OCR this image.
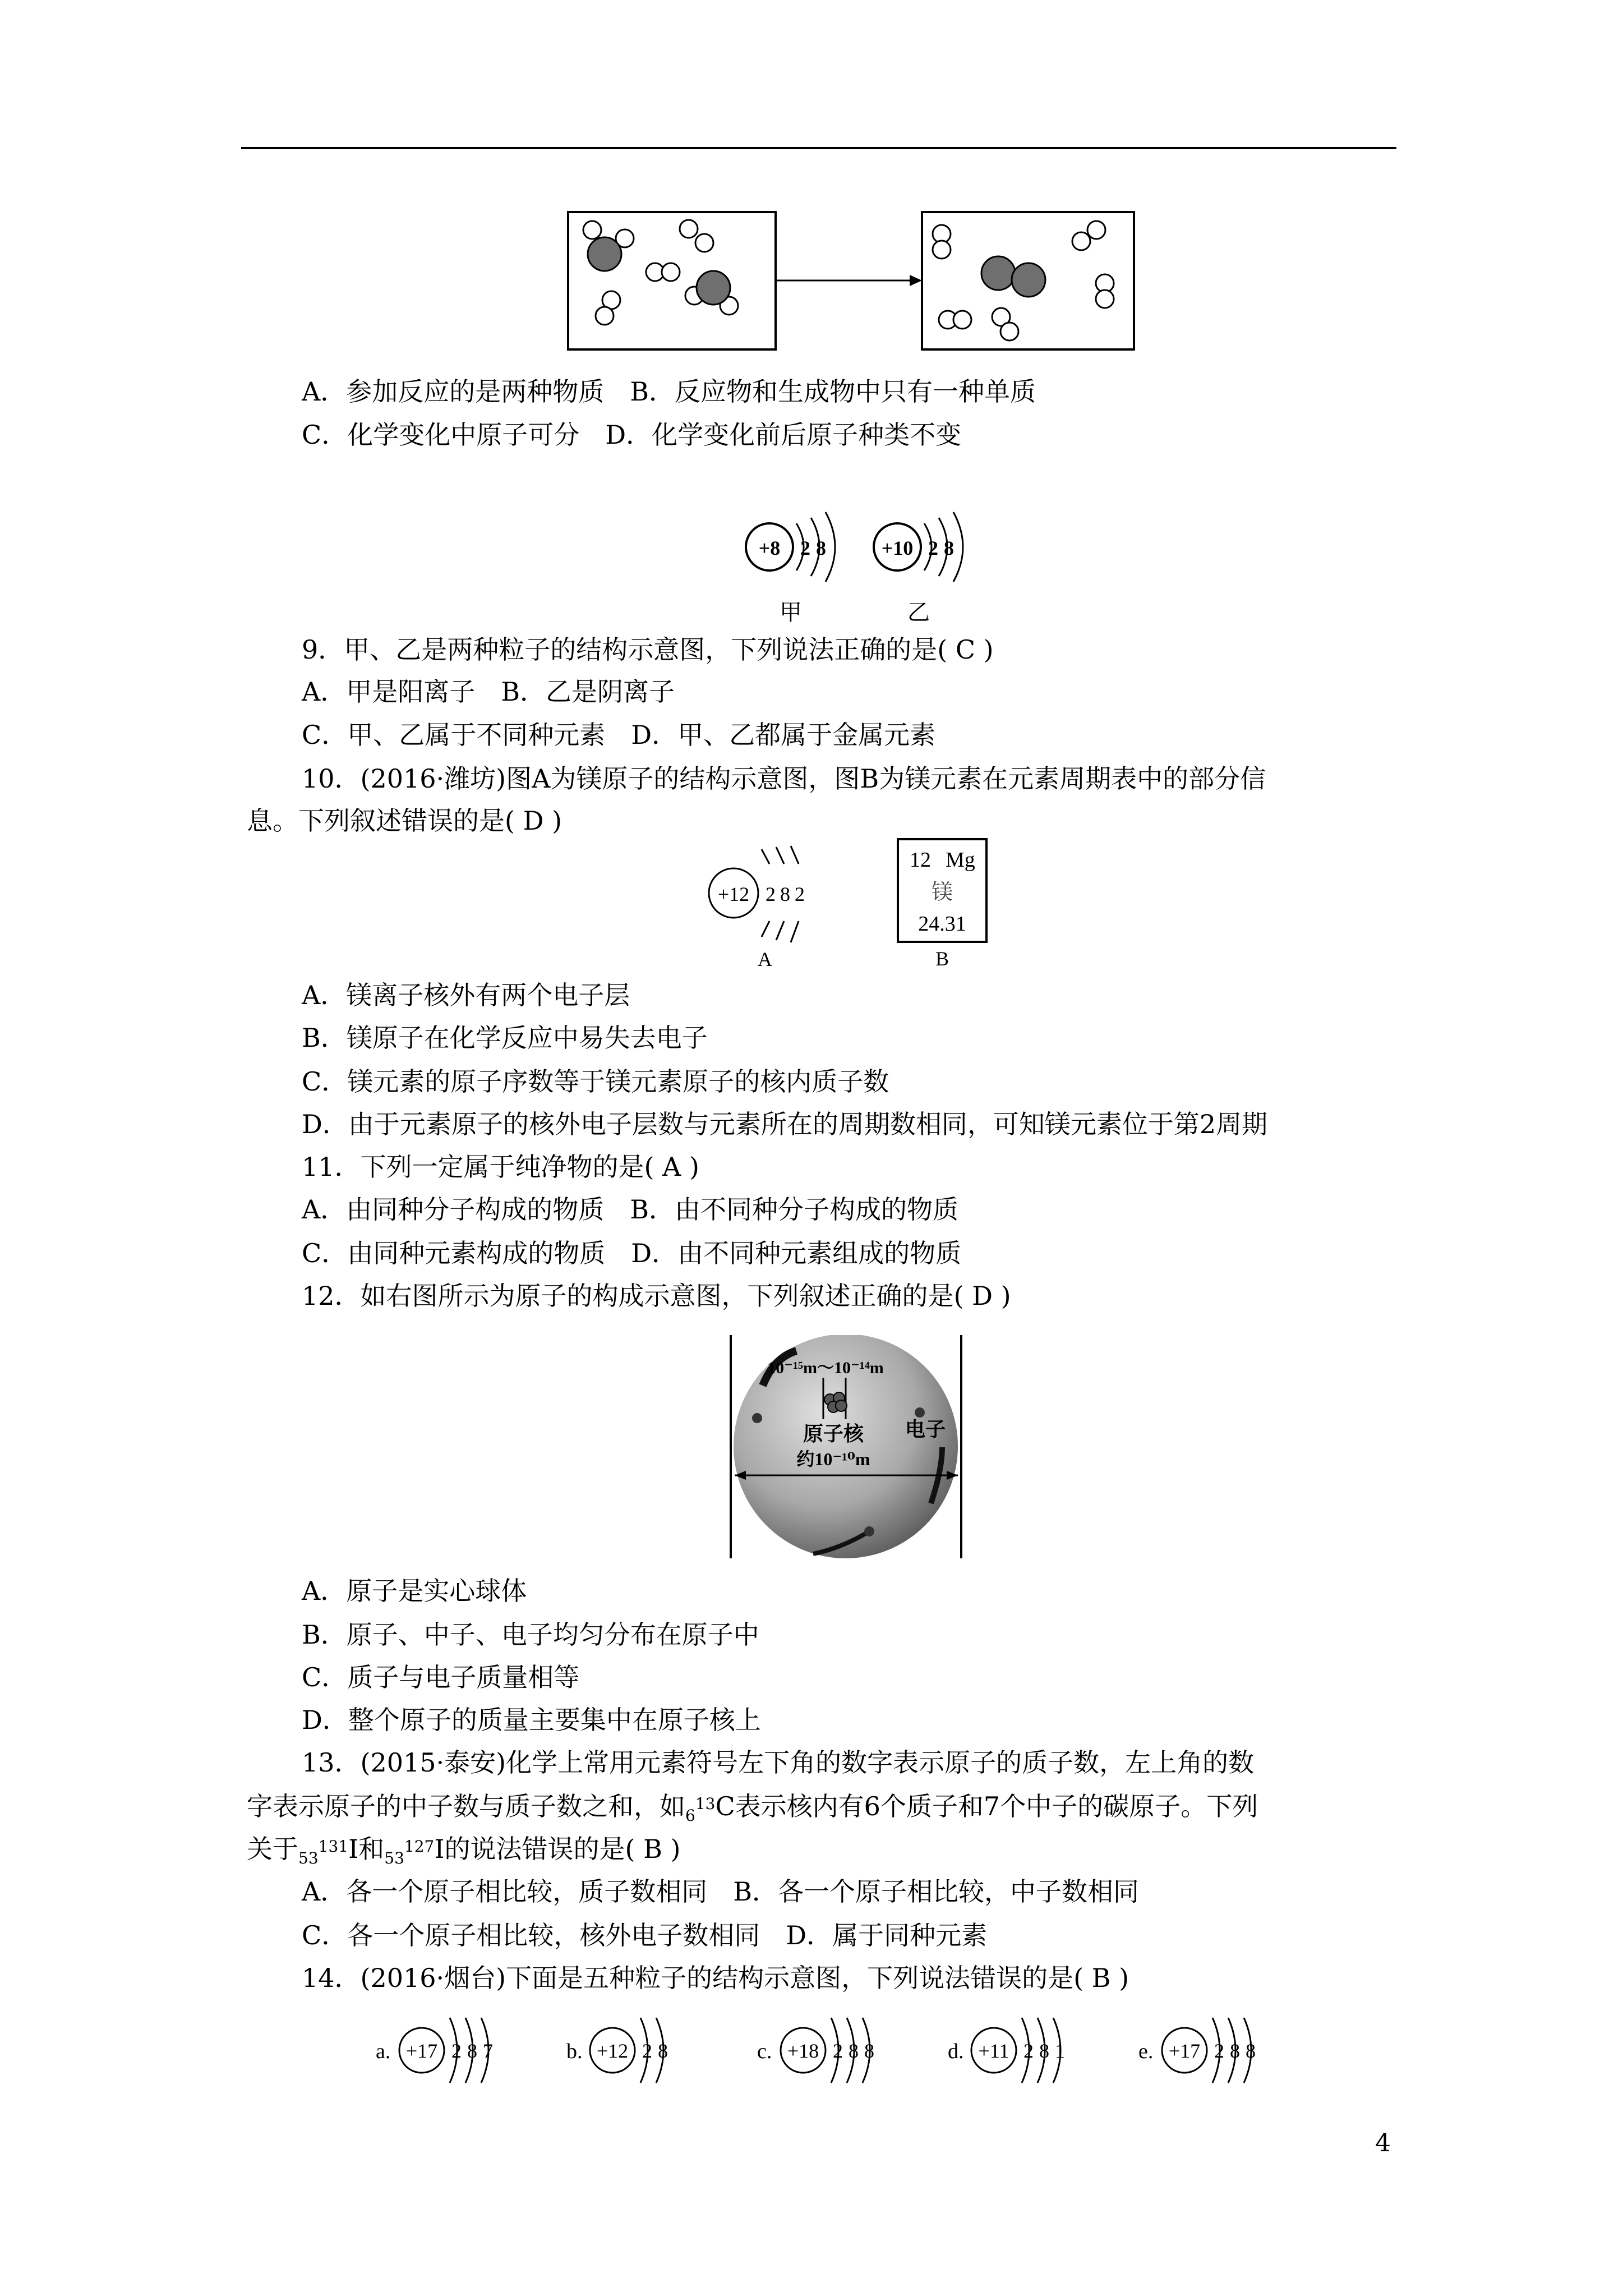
A．参加反应的是两种物质　B．反应物和生成物中只有一种单质
C．化学变化中原子可分　D．化学变化前后原子种类不变
+8 2 8
甲
+10 2 8
乙
9．甲、乙是两种粒子的结构示意图，下列说法正确的是( C )
A．甲是阳离子　B．乙是阴离子
C．甲、乙属于不同种元素　D．甲、乙都属于金属元素
10．(2016·潍坊)图A为镁原子的结构示意图，图B为镁元素在元素周期表中的部分信
息。下列叙述错误的是( D )
+12 2 8 2
A
12 Mg
镁
24.31
B
A．镁离子核外有两个电子层
B．镁原子在化学反应中易失去电子
C．镁元素的原子序数等于镁元素原子的核内质子数
D．由于元素原子的核外电子层数与元素所在的周期数相同，可知镁元素位于第2周期
11．下列一定属于纯净物的是( A )
A．由同种分子构成的物质　B．由不同种分子构成的物质
C．由同种元素构成的物质　D．由不同种元素组成的物质
12．如右图所示为原子的构成示意图，下列叙述正确的是( D )
10⁻¹⁵m～10⁻¹⁴m
电子
原子核
约10⁻¹⁰m
A．原子是实心球体
B．原子、中子、电子均匀分布在原子中
C．质子与电子质量相等
D．整个原子的质量主要集中在原子核上
13．(2015·泰安)化学上常用元素符号左下角的数字表示原子的质子数，左上角的数
字表示原子的中子数与质子数之和，如$_6^{13}$C表示核内有6个质子和7个中子的碳原子。下列
关于$_{53}^{131}$I和$_{53}^{127}$I的说法错误的是( B )
A．各一个原子相比较，质子数相同　B．各一个原子相比较，中子数相同
C．各一个原子相比较，核外电子数相同　D．属于同种元素
14．(2016·烟台)下面是五种粒子的结构示意图，下列说法错误的是( B )
a. +17 2 8 7	b. +12 2 8	c. +18 2 8 8	d. +11 2 8 1	e. +17 2 8 8
4
